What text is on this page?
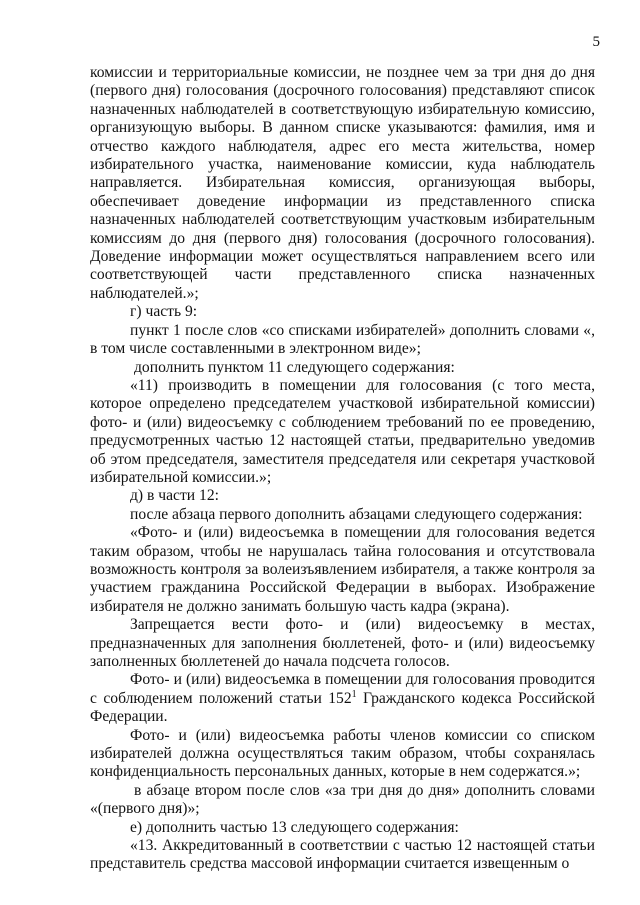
5

комиссии и территориальные комиссии, не позднее чем за три дня до дня (первого дня) голосования (досрочного голосования) представляют список назначенных наблюдателей в соответствующую избирательную комиссию, организующую выборы. В данном списке указываются: фамилия, имя и отчество каждого наблюдателя, адрес его места жительства, номер избирательного участка, наименование комиссии, куда наблюдатель направляется. Избирательная комиссия, организующая выборы, обеспечивает доведение информации из представленного списка назначенных наблюдателей соответствующим участковым избирательным комиссиям до дня (первого дня) голосования (досрочного голосования). Доведение информации может осуществляться направлением всего или соответствующей части представленного списка назначенных наблюдателей.»;

г) часть 9:

пункт 1 после слов «со списками избирателей» дополнить словами «, в том числе составленными в электронном виде»;

дополнить пунктом 11 следующего содержания:

«11) производить в помещении для голосования (с того места, которое определено председателем участковой избирательной комиссии) фото- и (или) видеосъемку с соблюдением требований по ее проведению, предусмотренных частью 12 настоящей статьи, предварительно уведомив об этом председателя, заместителя председателя или секретаря участковой избирательной комиссии.»;

д) в части 12:

после абзаца первого дополнить абзацами следующего содержания:

«Фото- и (или) видеосъемка в помещении для голосования ведется таким образом, чтобы не нарушалась тайна голосования и отсутствовала возможность контроля за волеизъявлением избирателя, а также контроля за участием гражданина Российской Федерации в выборах. Изображение избирателя не должно занимать большую часть кадра (экрана).

Запрещается вести фото- и (или) видеосъемку в местах, предназначенных для заполнения бюллетеней, фото- и (или) видеосъемку заполненных бюллетеней до начала подсчета голосов.

Фото- и (или) видеосъемка в помещении для голосования проводится с соблюдением положений статьи $152^1$ Гражданского кодекса Российской Федерации.

Фото- и (или) видеосъемка работы членов комиссии со списком избирателей должна осуществляться таким образом, чтобы сохранялась конфиденциальность персональных данных, которые в нем содержатся.»;

в абзаце втором после слов «за три дня до дня» дополнить словами «(первого дня)»;

е) дополнить частью 13 следующего содержания:

«13. Аккредитованный в соответствии с частью 12 настоящей статьи представитель средства массовой информации считается извещенным о
